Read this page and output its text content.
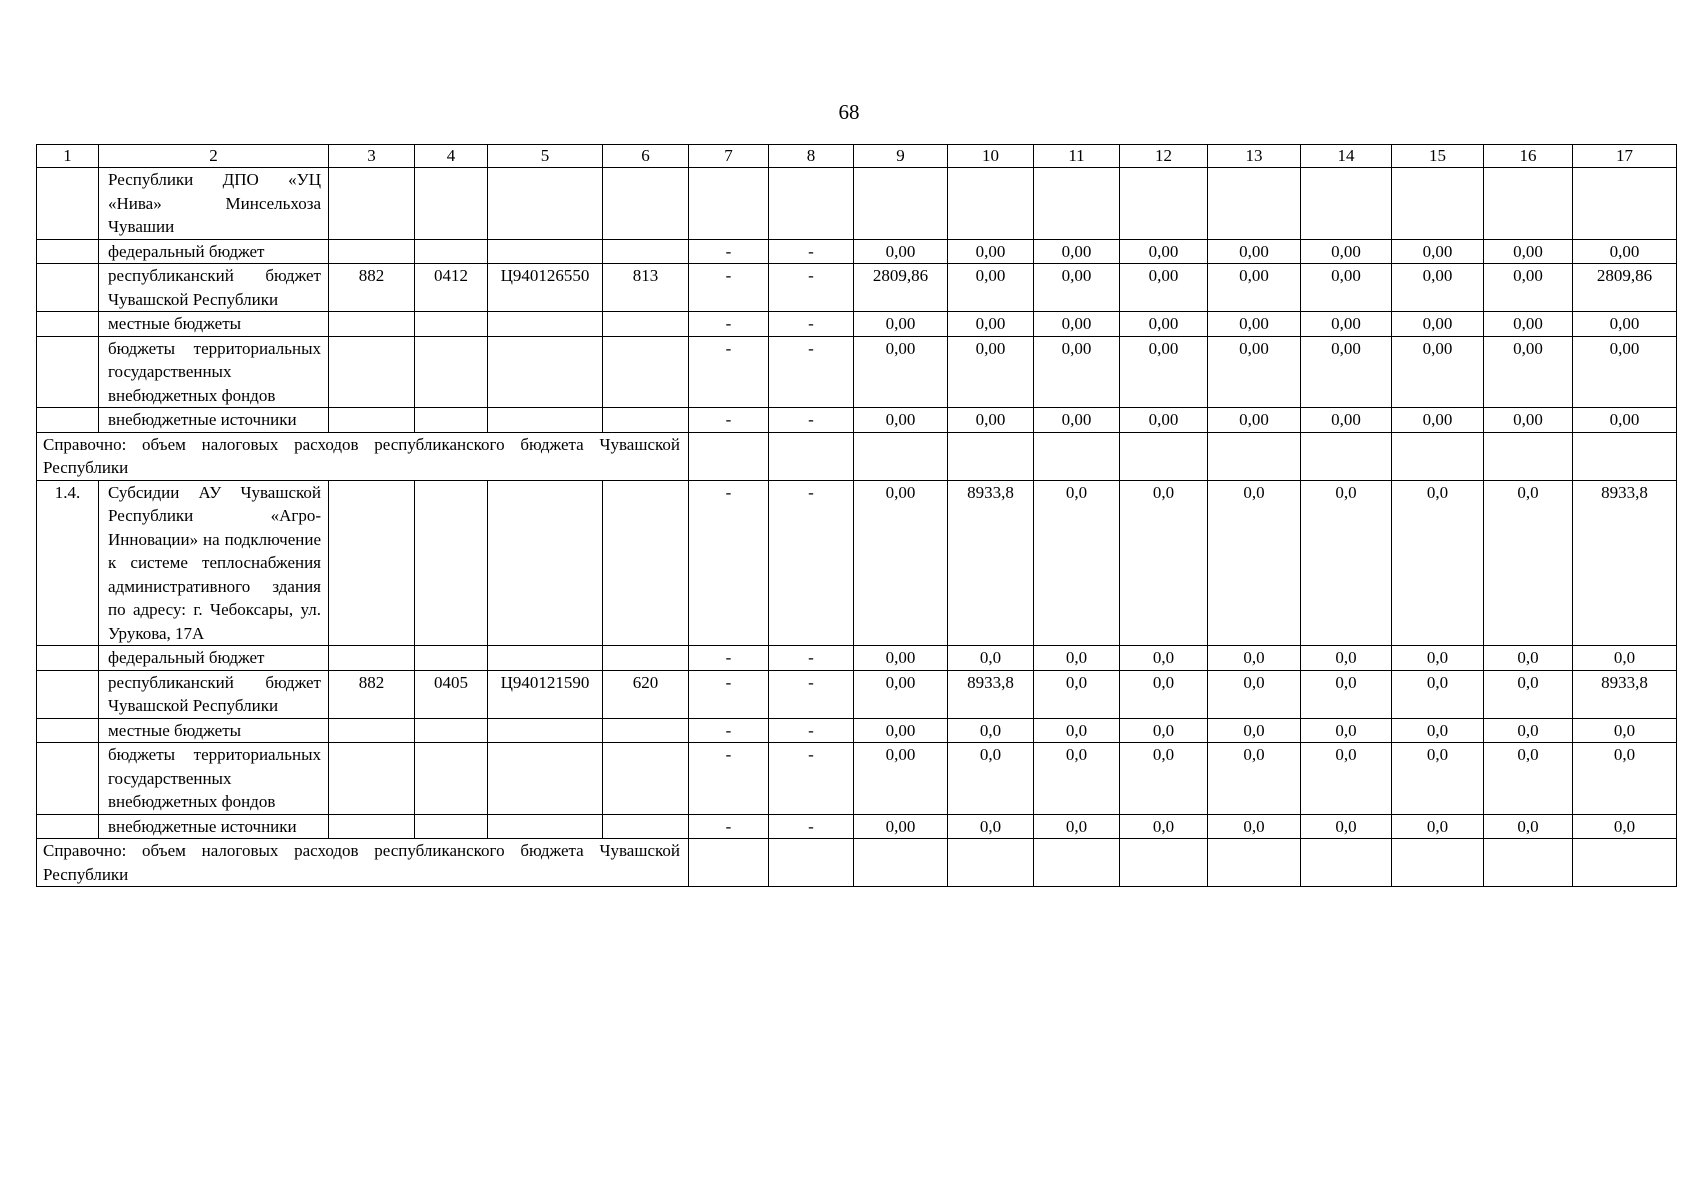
68
1	2	3	4	5	6	7	8	9	10	11	12	13	14	15	16	17
	Республики ДПО «УЦ «Нива» Минсельхоза Чувашии															
	федеральный бюджет					-	-	0,00	0,00	0,00	0,00	0,00	0,00	0,00	0,00	0,00
	республиканский бюджет Чувашской Республики	882	0412	Ц940126550	813	-	-	2809,86	0,00	0,00	0,00	0,00	0,00	0,00	0,00	2809,86
	местные бюджеты					-	-	0,00	0,00	0,00	0,00	0,00	0,00	0,00	0,00	0,00
	бюджеты территориальных государственных внебюджетных фондов					-	-	0,00	0,00	0,00	0,00	0,00	0,00	0,00	0,00	0,00
	внебюджетные источники					-	-	0,00	0,00	0,00	0,00	0,00	0,00	0,00	0,00	0,00
Справочно: объем налоговых расходов республиканского бюджета Чувашской Республики																
1.4.	Субсидии АУ Чувашской Республики «АгроИнновации» на подключение к системе теплоснабжения административного здания по адресу: г. Чебоксары, ул. Урукова, 17А					-	-	0,00	8933,8	0,0	0,0	0,0	0,0	0,0	0,0	8933,8
	федеральный бюджет					-	-	0,00	0,0	0,0	0,0	0,0	0,0	0,0	0,0	0,0
	республиканский бюджет Чувашской Республики	882	0405	Ц940121590	620	-	-	0,00	8933,8	0,0	0,0	0,0	0,0	0,0	0,0	8933,8
	местные бюджеты					-	-	0,00	0,0	0,0	0,0	0,0	0,0	0,0	0,0	0,0
	бюджеты территориальных государственных внебюджетных фондов					-	-	0,00	0,0	0,0	0,0	0,0	0,0	0,0	0,0	0,0
	внебюджетные источники					-	-	0,00	0,0	0,0	0,0	0,0	0,0	0,0	0,0	0,0
Справочно: объем налоговых расходов республиканского бюджета Чувашской Республики																
